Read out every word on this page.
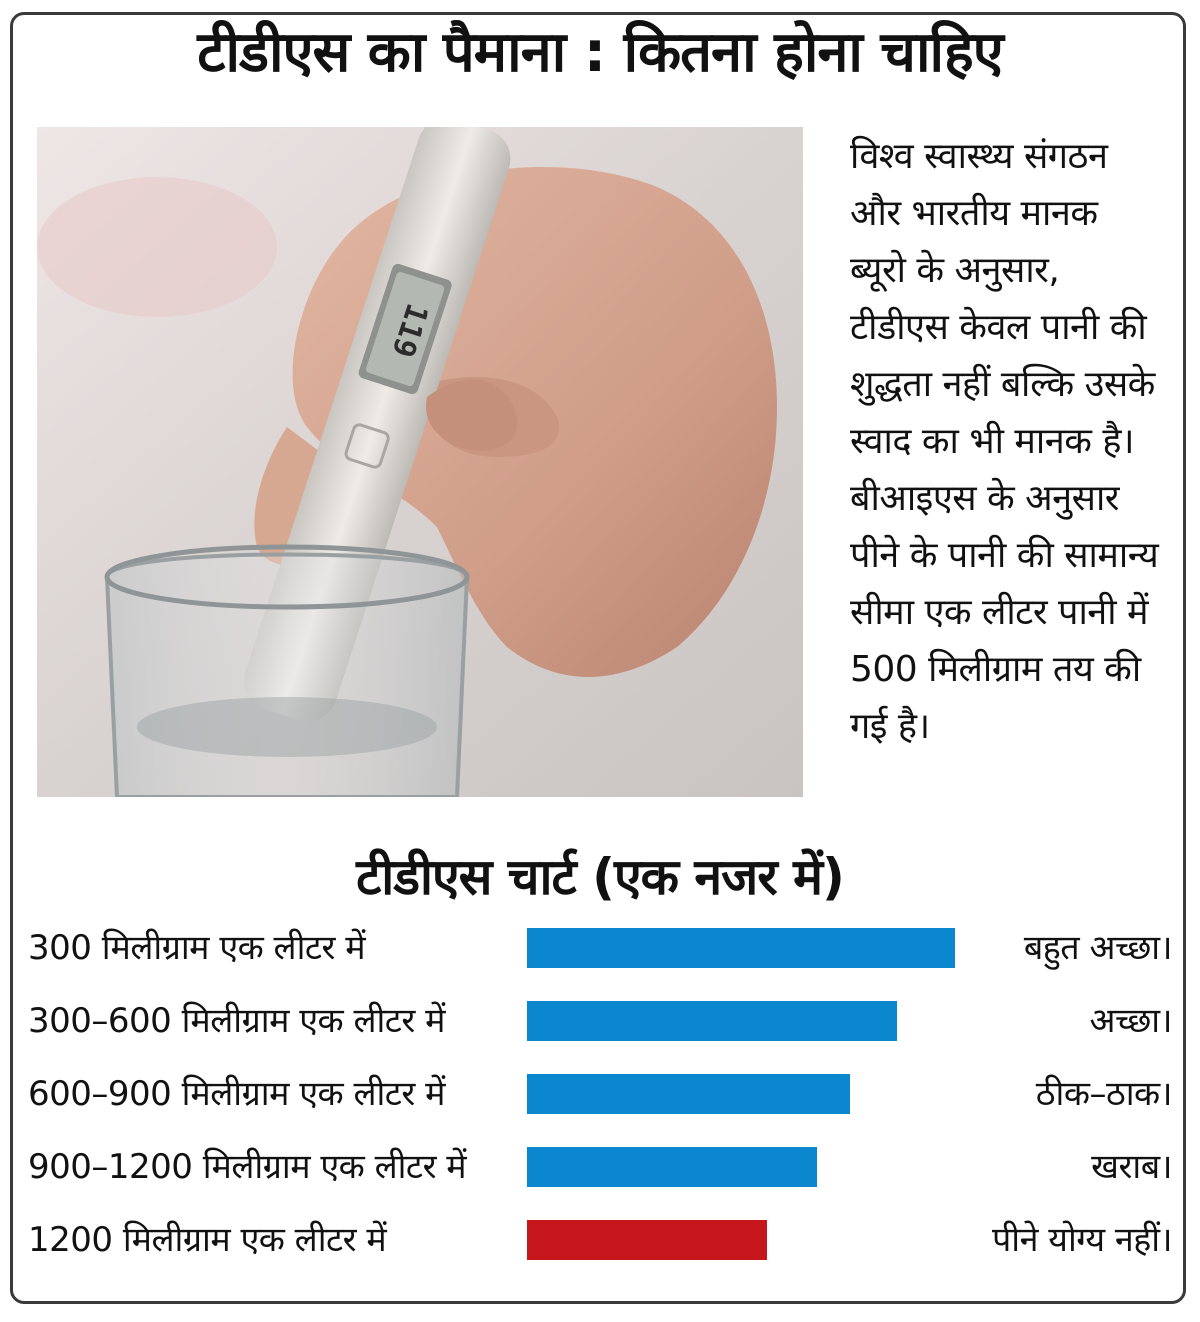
टीडीएस का पैमाना : कितना होना चाहिए
119
विश्व स्वास्थ्य संगठन
और भारतीय मानक
ब्यूरो के अनुसार,
टीडीएस केवल पानी की
शुद्धता नहीं बल्कि उसके
स्वाद का भी मानक है।
बीआइएस के अनुसार
पीने के पानी की सामान्य
सीमा एक लीटर पानी में
500 मिलीग्राम तय की
गई है।
टीडीएस चार्ट (एक नजर में)
300 मिलीग्राम एक लीटर में	बहुत अच्छा।
300–600 मिलीग्राम एक लीटर में	अच्छा।
600–900 मिलीग्राम एक लीटर में	ठीक–ठाक।
900–1200 मिलीग्राम एक लीटर में	खराब।
1200 मिलीग्राम एक लीटर में	पीने योग्य नहीं।
